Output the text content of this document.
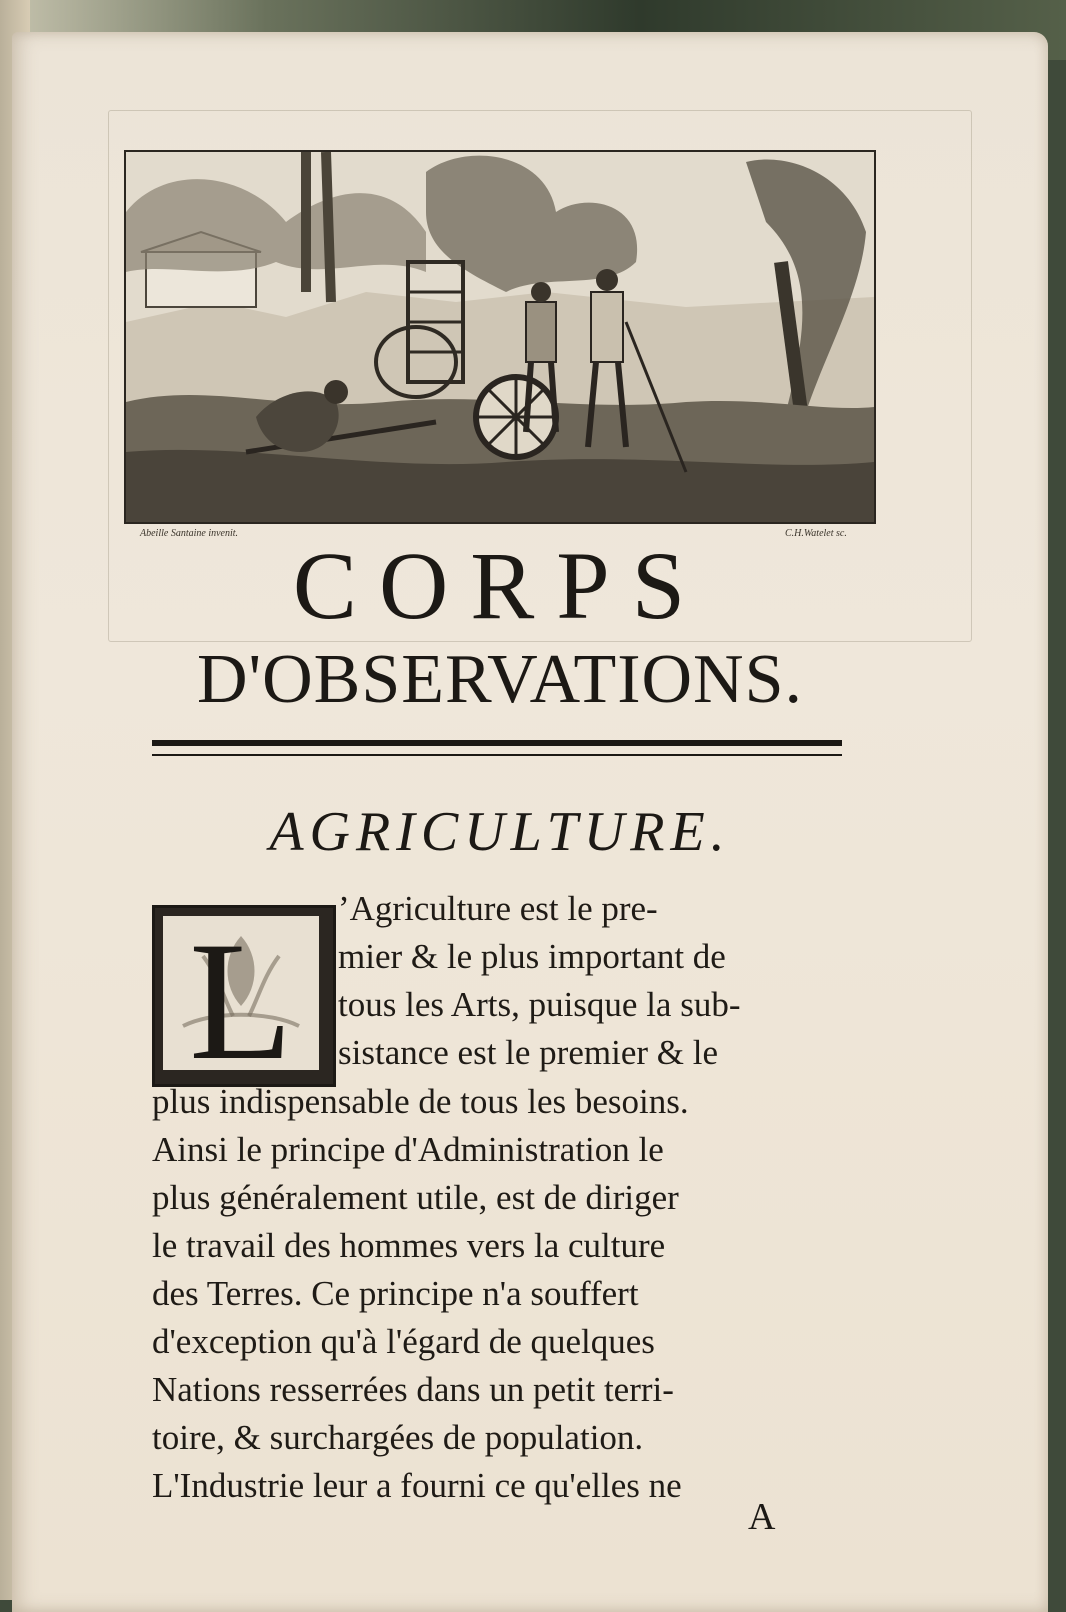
Abeille Santaine invenit.	C.H.Watelet sc.
CORPS
D'OBSERVATIONS.
AGRICULTURE.
L	’Agriculture est le pre-
mier & le plus important de
tous les Arts, puisque la sub-
sistance est le premier & le
plus indispensable de tous les besoins.
Ainsi le principe d'Administration le
plus généralement utile, est de diriger
le travail des hommes vers la culture
des Terres. Ce principe n'a souffert
d'exception qu'à l'égard de quelques
Nations resserrées dans un petit terri-
toire, & surchargées de population.
L'Industrie leur a fourni ce qu'elles ne
A
